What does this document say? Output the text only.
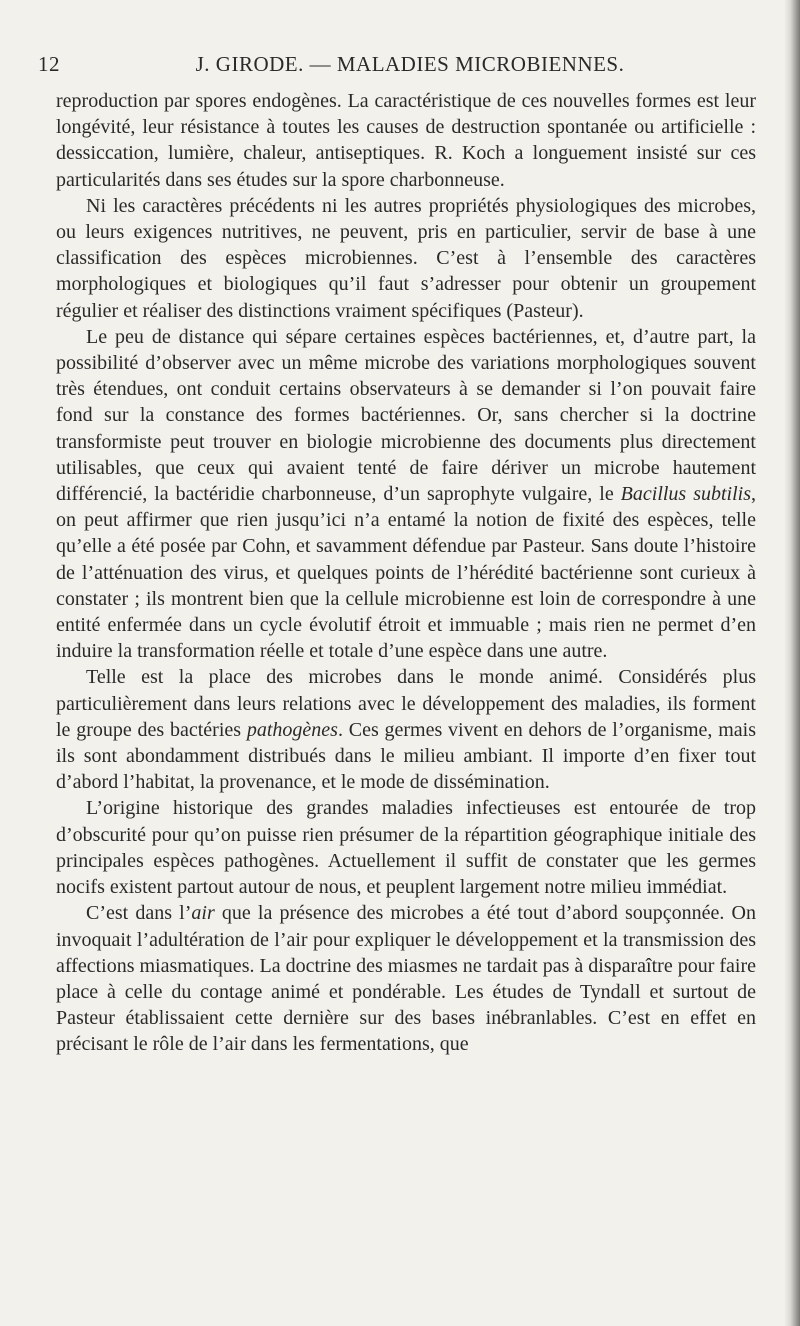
12	J. GIRODE. — MALADIES MICROBIENNES.

reproduction par spores endogènes. La caractéristique de ces nouvelles formes est leur longévité, leur résistance à toutes les causes de destruction spontanée ou artificielle : dessiccation, lumière, chaleur, antiseptiques. R. Koch a longuement insisté sur ces particularités dans ses études sur la spore charbonneuse.

Ni les caractères précédents ni les autres propriétés physiologiques des microbes, ou leurs exigences nutritives, ne peuvent, pris en particulier, servir de base à une classification des espèces microbiennes. C’est à l’ensemble des caractères morphologiques et biologiques qu’il faut s’adresser pour obtenir un groupement régulier et réaliser des distinctions vraiment spécifiques (Pasteur).

Le peu de distance qui sépare certaines espèces bactériennes, et, d’autre part, la possibilité d’observer avec un même microbe des variations morphologiques souvent très étendues, ont conduit certains observateurs à se demander si l’on pouvait faire fond sur la constance des formes bactériennes. Or, sans chercher si la doctrine transformiste peut trouver en biologie microbienne des documents plus directement utilisables, que ceux qui avaient tenté de faire dériver un microbe hautement différencié, la bactéridie charbonneuse, d’un saprophyte vulgaire, le Bacillus subtilis, on peut affirmer que rien jusqu’ici n’a entamé la notion de fixité des espèces, telle qu’elle a été posée par Cohn, et savamment défendue par Pasteur. Sans doute l’histoire de l’atténuation des virus, et quelques points de l’hérédité bactérienne sont curieux à constater ; ils montrent bien que la cellule microbienne est loin de correspondre à une entité enfermée dans un cycle évolutif étroit et immuable ; mais rien ne permet d’en induire la transformation réelle et totale d’une espèce dans une autre.

Telle est la place des microbes dans le monde animé. Considérés plus particulièrement dans leurs relations avec le développement des maladies, ils forment le groupe des bactéries pathogènes. Ces germes vivent en dehors de l’organisme, mais ils sont abondamment distribués dans le milieu ambiant. Il importe d’en fixer tout d’abord l’habitat, la provenance, et le mode de dissémination.

L’origine historique des grandes maladies infectieuses est entourée de trop d’obscurité pour qu’on puisse rien présumer de la répartition géographique initiale des principales espèces pathogènes. Actuellement il suffit de constater que les germes nocifs existent partout autour de nous, et peuplent largement notre milieu immédiat.

C’est dans l’air que la présence des microbes a été tout d’abord soupçonnée. On invoquait l’adultération de l’air pour expliquer le développement et la transmission des affections miasmatiques. La doctrine des miasmes ne tardait pas à disparaître pour faire place à celle du contage animé et pondérable. Les études de Tyndall et surtout de Pasteur établissaient cette dernière sur des bases inébranlables. C’est en effet en précisant le rôle de l’air dans les fermentations, que
